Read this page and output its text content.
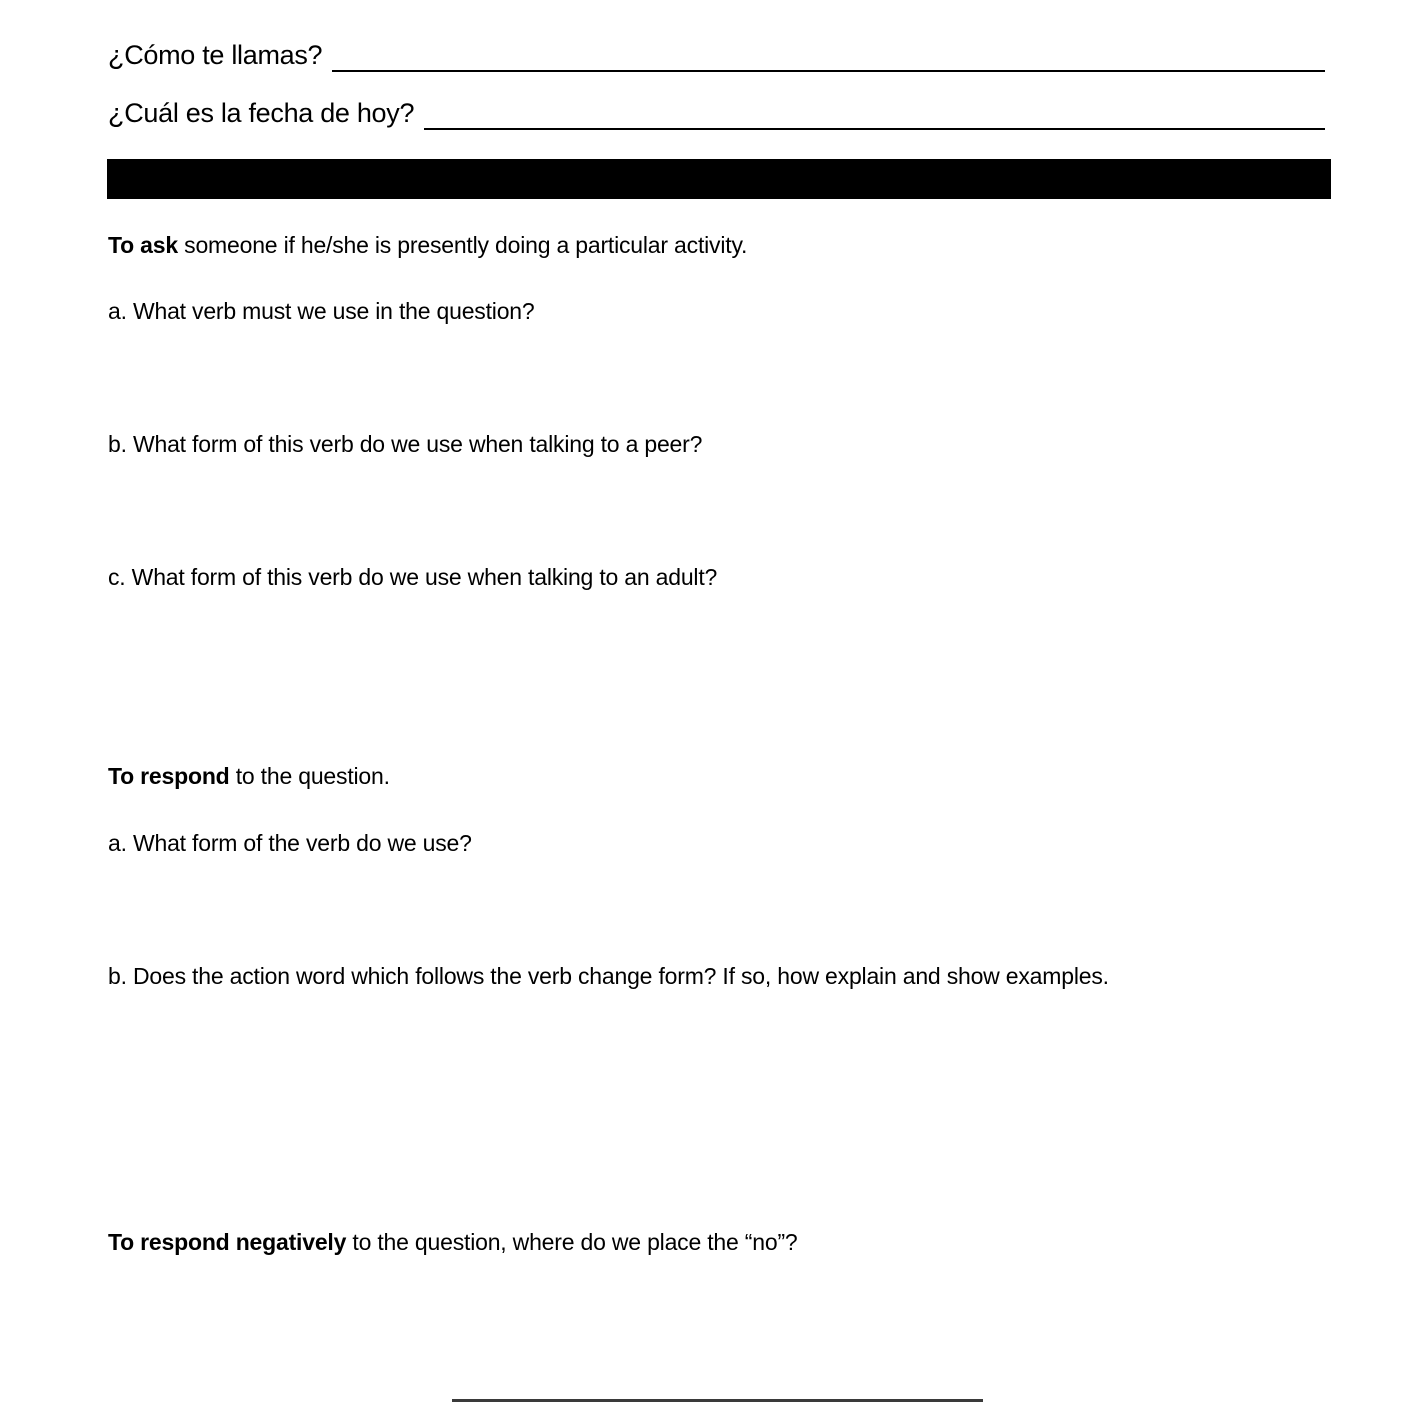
¿Cómo te llamas?
¿Cuál es la fecha de hoy?
To ask someone if he/she is presently doing a particular activity.
a. What verb must we use in the question?
b. What form of this verb do we use when talking to a peer?
c. What form of this verb do we use when talking to an adult?
To respond to the question.
a. What form of the verb do we use?
b. Does the action word which follows the verb change form? If so, how explain and show examples.
To respond negatively to the question, where do we place the “no”?
